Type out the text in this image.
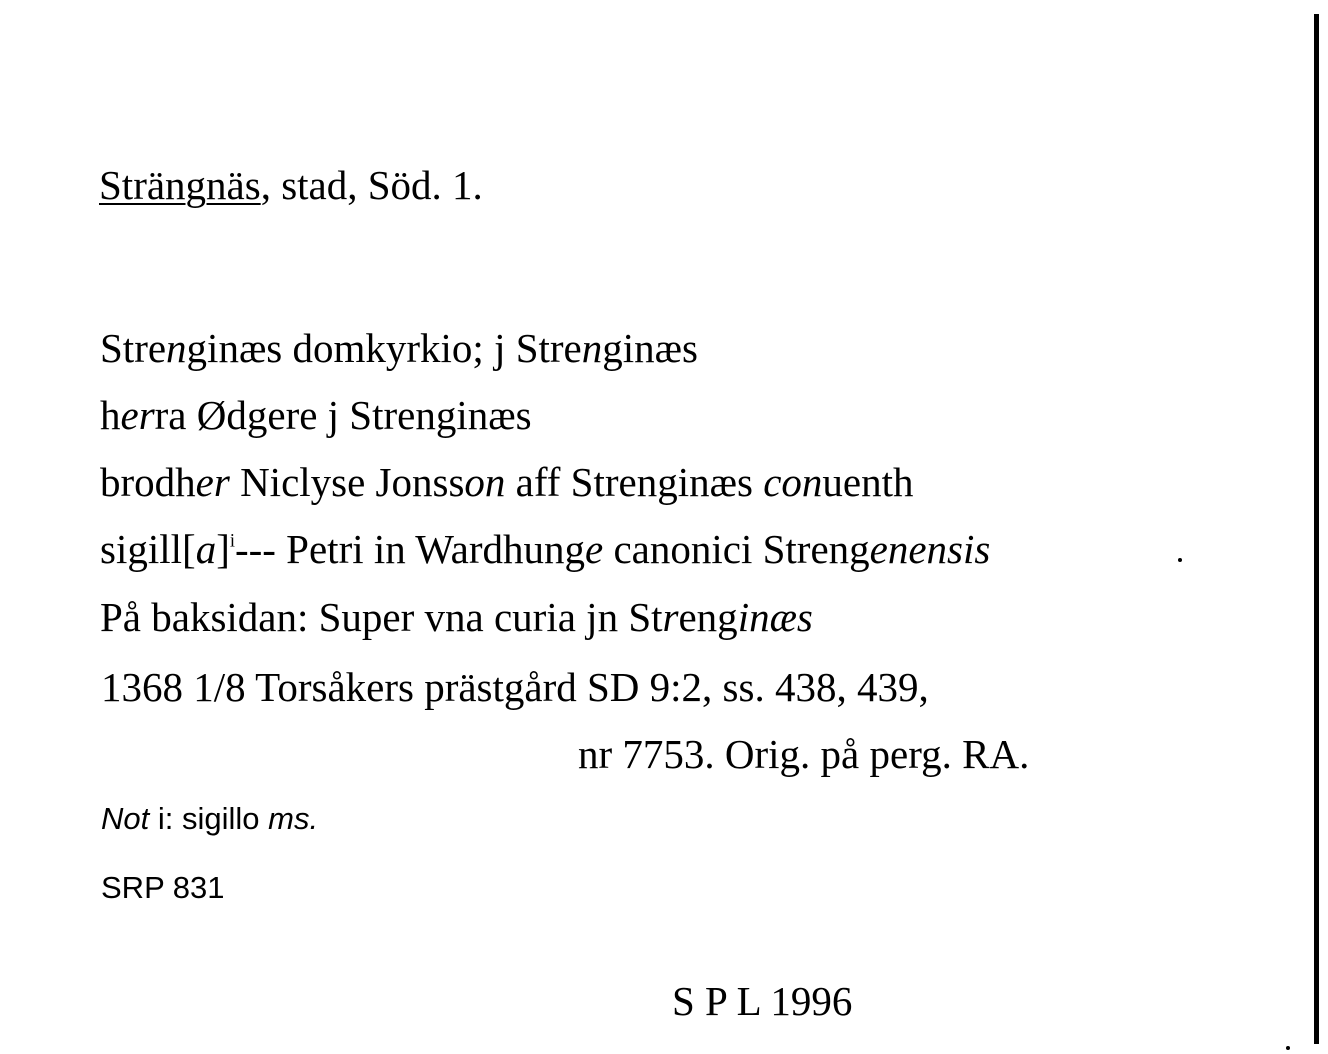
Strängnäs, stad, Söd. 1.
Strenginæs domkyrkio; j Strenginæs
herra Ødgere j Strenginæs
brodher Niclyse Jonsson aff Strenginæs conuenth
$sigill[a]^i---$ Petri in Wardhunge canonici Strengenensis
På baksidan: Super vna curia jn Strenginæs
1368 1/8 Torsåkers prästgård SD 9:2, ss. 438, 439,
nr 7753. Orig. på perg. RA.
Not i: sigillo ms.
SRP 831
S P L 1996
